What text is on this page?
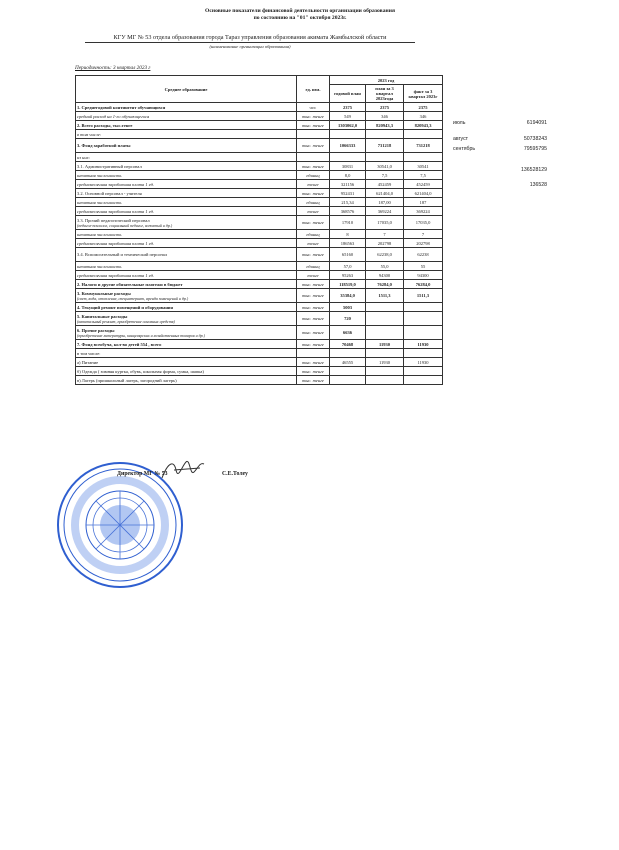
Основные показатели финансовой деятельности организации образования
по состоянию на "01" октября 2023г.
КГУ МГ № 53 отдела образования города Тараз управления образования акимата Жамбылской области
(наименование организации образования)
Периодичность: 3 квартал 2023 г
Среднее образование	ед. изм.	2023 год		
		годовой план	план за 3 квартал 2023года	факт за 3 квартал 2023г
1. Среднегодовой контингент обучающихся	чел.	2375	2375	2375
средний расход на 1-го обучающегося	тыс. тенге	549	346	346
2. Всего расходы, тыс.тенге	тыс. тенге	1303062,0	820943,3	820943,3
в том числе:				
3. Фонд заработной платы	тыс. тенге	1066333	731218	731218
из них:				
3.1. Административный персонал	тыс. тенге	30831	30541,0	30541
штатная численность	единиц	8,0	7,5	7,5
среднемесячная заработная плата 1 ед.	тенге	321156	452459	452459
3.2. Основной персонал - учителя	тыс. тенге	952431	621404,0	621404,0
штатная численность	единиц	215,34	187,00	187
среднемесячная заработная плата 1 ед.	тенге	368576	369224	369224
3.3. Прочий педагогический персонал
(педагог-психолог, социальный педагог, вожатый и др.)	тыс. тенге	17910	17035,0	17035,0
штатная численность	единиц	8	7	7
среднемесячная заработная плата 1 ед.	тенге	186563	202798	202798
3.4. Вспомогательный и технический персонал	тыс. тенге	65160	62238,0	62238
штатная численность	единиц	57,0	55,0	55
среднемесячная заработная плата 1 ед.	тенге	95263	94300	94300
2. Налоги и другие обязательные платежи в бюджет	тыс. тенге	118519,0	76284,0	76284,0
3. Коммунальные расходы
(свет, вода, отопление, спецмлтериат, аренда помещений и др.)	тыс. тенге	35384,0	1511,3	1511,3
4. Текущий ремонт помещений и оборудования	тыс. тенге	5003		
5. Капитальные расходы
(капитальный ремонт, приобретение основных средств)	тыс. тенге	720		
6. Прочие расходы
(приобретение литературы, канцелярских и хозяйственных товаров и др.)	тыс. тенге	6636		
7. Фонд всеобуча, кол-во детей 554 , всего	тыс. тенге	70468	11930	11930
в том числе:				
а) Питание	тыс. тенге	46555	11930	11930
б) Одежда ( зимняя куртка, обувь, школьная форма, сумка, шапка)	тыс. тенге			
в) Лагерь (пришкольный лагерь, загородний лагерь)	тыс. тенге			
июль	6194091
август	50738243
сентябрь	79595795
136528129
136528
Директор МГ № 53	С.Е.Толеу
